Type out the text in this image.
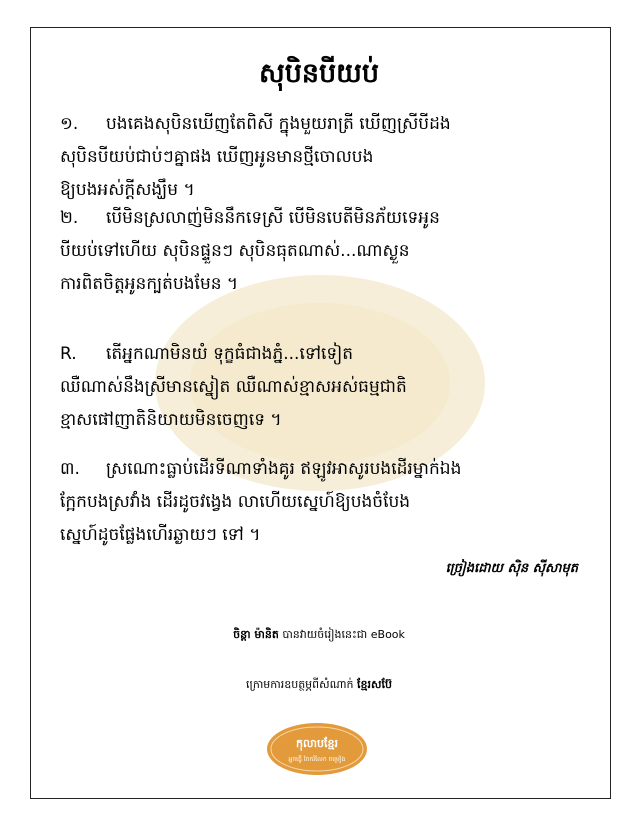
សុបិនបីយប់
១. បងគេងសុបិនឃើញតែពិសី ក្នុងមួយរាត្រី ឃើញស្រីបីដង
សុបិនបីយប់ជាប់ៗគ្នាផង ឃើញអូនមានថ្មីចោលបង
ឱ្យបងអស់ក្ដីសង្ឃឹម ។
២. បើមិនស្រលាញ់មិននឹកទេស្រី បើមិនបេតីមិនភ័យទេអូន
បីយប់ទៅហើយ សុបិនផ្ទួនៗ សុបិនធុតណាស់...ណាស្ងួន
ការពិតចិត្តអូនក្បត់បងមែន ។
R. តើអ្នកណាមិនយំ ទុក្ខធំជាងភ្នំ...ទៅទៀត
ឈឺណាស់នឹងស្រីមានស្នៀត ឈឺណាស់ខ្មាសអស់ធម្មជាតិ
ខ្មាសផៅញាតិនិយាយមិនចេញទេ ។
៣. ស្រណោះធ្លាប់ដើរទីណាទាំងគូរ ឥឡូវអាសូរបងដើរម្នាក់ឯង
ក្អែកបងស្រវាំង ដើរដូចវង្វេង លាហើយស្នេហ៍ឱ្យបងចំបែង
ស្នេហ៍ដូចផ្លែងហើរឆ្ងាយៗ ទៅ ។
ច្រៀងដោយ ស៊ិន ស៊ីសាមុត
ចិន្តា ម៉ានិត បានវាយចំរៀងនេះជា eBook
ក្រោមការឧបត្ថម្ភពីសំណាក់ ខ្មែរសប៊ែ
កុលាបខ្មែរ
អ្នកធ្វើ ចែករំលែក ចម្រៀង
